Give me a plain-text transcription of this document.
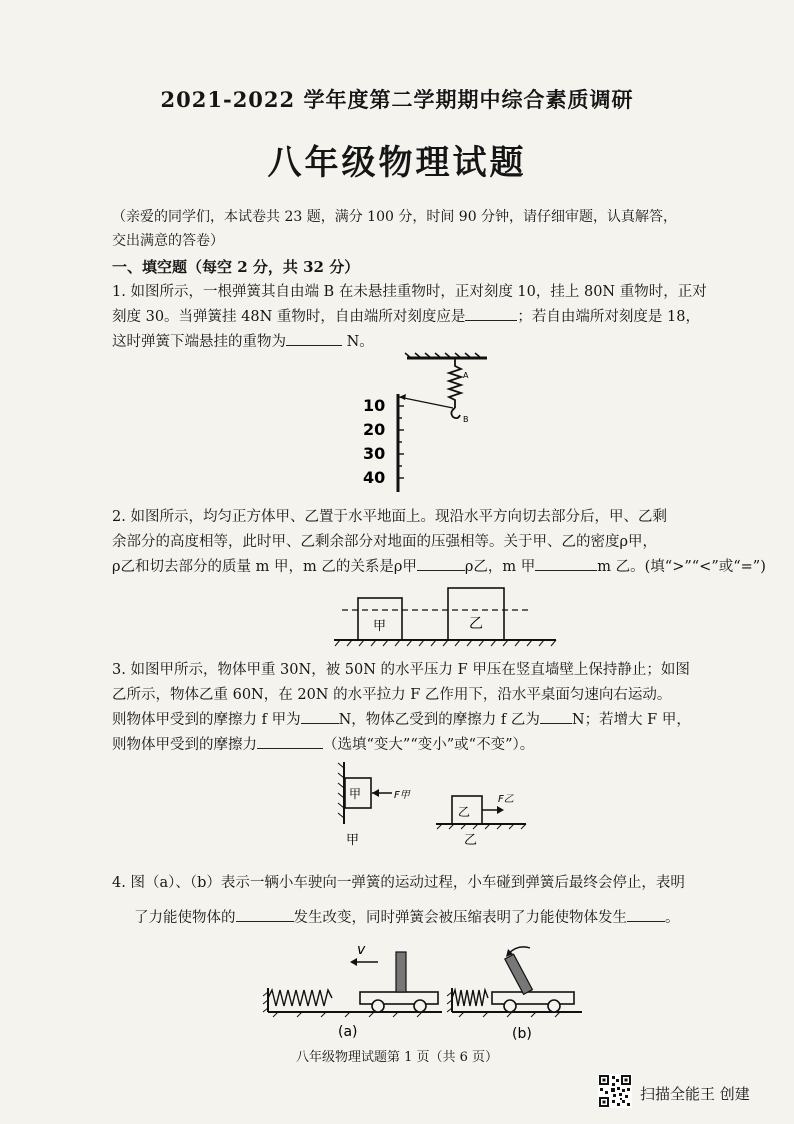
2021-2022 学年度第二学期期中综合素质调研
八年级物理试题
（亲爱的同学们，本试卷共 23 题，满分 100 分，时间 90 分钟，请仔细审题，认真解答，
交出满意的答卷）
一、填空题（每空 2 分，共 32 分）
1. 如图所示，一根弹簧其自由端 B 在未悬挂重物时，正对刻度 10，挂上 80N 重物时，正对
刻度 30。当弹簧挂 48N 重物时，自由端所对刻度应是	；若自由端所对刻度是 18，
这时弹簧下端悬挂的重物为	N。
A
B
10
20
30
40
2. 如图所示，均匀正方体甲、乙置于水平地面上。现沿水平方向切去部分后，甲、乙剩
余部分的高度相等，此时甲、乙剩余部分对地面的压强相等。关于甲、乙的密度ρ甲，
ρ乙和切去部分的质量 m 甲，m 乙的关系是ρ甲	ρ乙，m 甲	m 乙。(填“>”“<”或“=”)
甲	乙
3. 如图甲所示，物体甲重 30N，被 50N 的水平压力 F 甲压在竖直墙壁上保持静止；如图
乙所示，物体乙重 60N，在 20N 的水平拉力 F 乙作用下，沿水平桌面匀速向右运动。
则物体甲受到的摩擦力 f 甲为	N，物体乙受到的摩擦力 f 乙为 N；若增大 F 甲，
则物体甲受到的摩擦力	（选填“变大”“变小”或“不变”）。
甲	F甲
甲
乙
F乙
乙
4. 图（a）、（b）表示一辆小车驶向一弹簧的运动过程，小车碰到弹簧后最终会停止，表明
了力能使物体的	发生改变，同时弹簧会被压缩表明了力能使物体发生	。
v
(a)	(b)
八年级物理试题第 1 页（共 6 页）
扫描全能王 创建
